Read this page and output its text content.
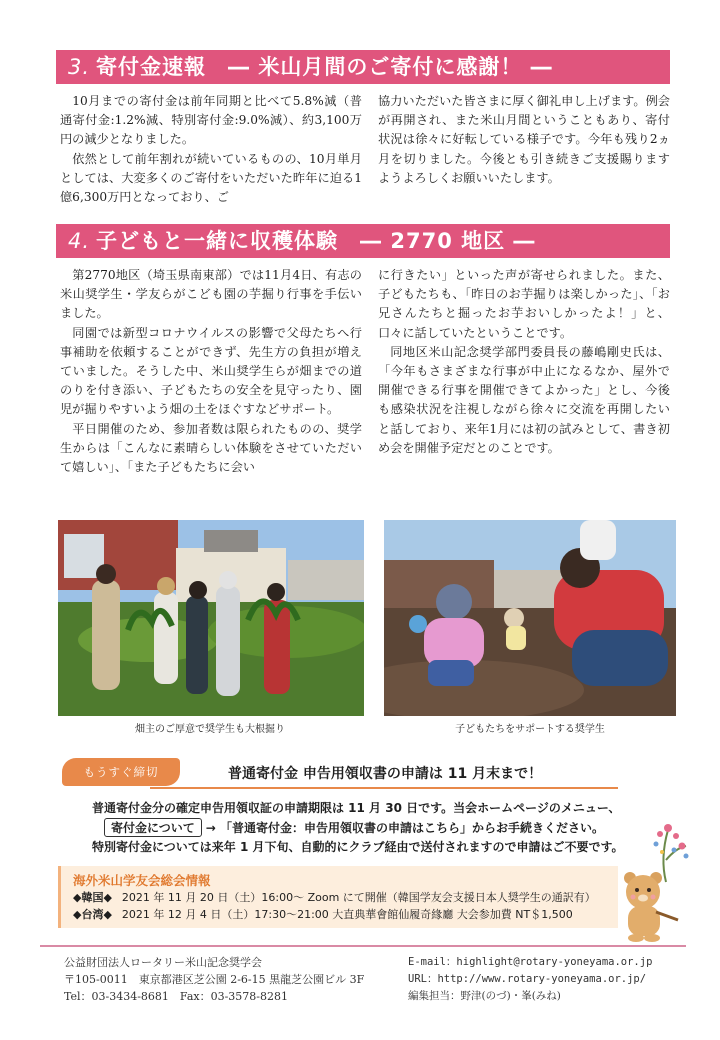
3. 寄付金速報　― 米山月間のご寄付に感謝！ ―

10月までの寄付金は前年同期と比べて5.8%減（普通寄付金:1.2%減、特別寄付金:9.0%減）、約3,100万円の減少となりました。

依然として前年割れが続いているものの、10月単月としては、大変多くのご寄付をいただいた昨年に迫る1億6,300万円となっており、ご

協力いただいた皆さまに厚く御礼申し上げます。例会が再開され、また米山月間ということもあり、寄付状況は徐々に好転している様子です。今年も残り2ヵ月を切りました。今後とも引き続きご支援賜りますようよろしくお願いいたします。

4. 子どもと一緒に収穫体験　― 2770 地区 ―

第2770地区（埼玉県南東部）では11月4日、有志の米山奨学生・学友らがこども園の芋掘り行事を手伝いました。

同園では新型コロナウイルスの影響で父母たちへ行事補助を依頼することができず、先生方の負担が増えていました。そうした中、米山奨学生らが畑までの道のりを付き添い、子どもたちの安全を見守ったり、園児が掘りやすいよう畑の土をほぐすなどサポート。

平日開催のため、参加者数は限られたものの、奨学生からは「こんなに素晴らしい体験をさせていただいて嬉しい」、「また子どもたちに会い

に行きたい」といった声が寄せられました。また、子どもたちも、「昨日のお芋掘りは楽しかった」、「お兄さんたちと掘ったお芋おいしかったよ！」と、口々に話していたということです。

同地区米山記念奨学部門委員長の藤嶋剛史氏は、「今年もさまざまな行事が中止になるなか、屋外で開催できる行事を開催できてよかった」とし、今後も感染状況を注視しながら徐々に交流を再開したいと話しており、来年1月には初の試みとして、書き初め会を開催予定だとのことです。

畑主のご厚意で奨学生も大根掘り	子どもたちをサポートする奨学生
もうすぐ締切	普通寄付金 申告用領収書の申請は 11 月末まで！
普通寄付金分の確定申告用領収証の申請期限は 11 月 30 日です。当会ホームページのメニュー、
寄付金について → 「普通寄付金：申告用領収書の申請はこちら」からお手続きください。
特別寄付金については来年 1 月下旬、自動的にクラブ経由で送付されますので申請はご不要です。
海外米山学友会総会情報
◆韓国◆ 2021 年 11 月 20 日（土）16:00～ Zoom にて開催（韓国学友会支援日本人奨学生の通訳有）
◆台湾◆ 2021 年 12 月 4 日（土）17:30～21:00 大直典華會館仙履奇緣廳 大会参加費 NT＄1,500
公益財団法人ロータリー米山記念奨学会
〒105-0011　東京都港区芝公園 2-6-15 黒龍芝公園ビル 3F
Tel：03-3434-8681　Fax：03-3578-8281
E-mail：highlight@rotary-yoneyama.or.jp
URL：http://www.rotary-yoneyama.or.jp/
編集担当：野津(のづ)・峯(みね)
